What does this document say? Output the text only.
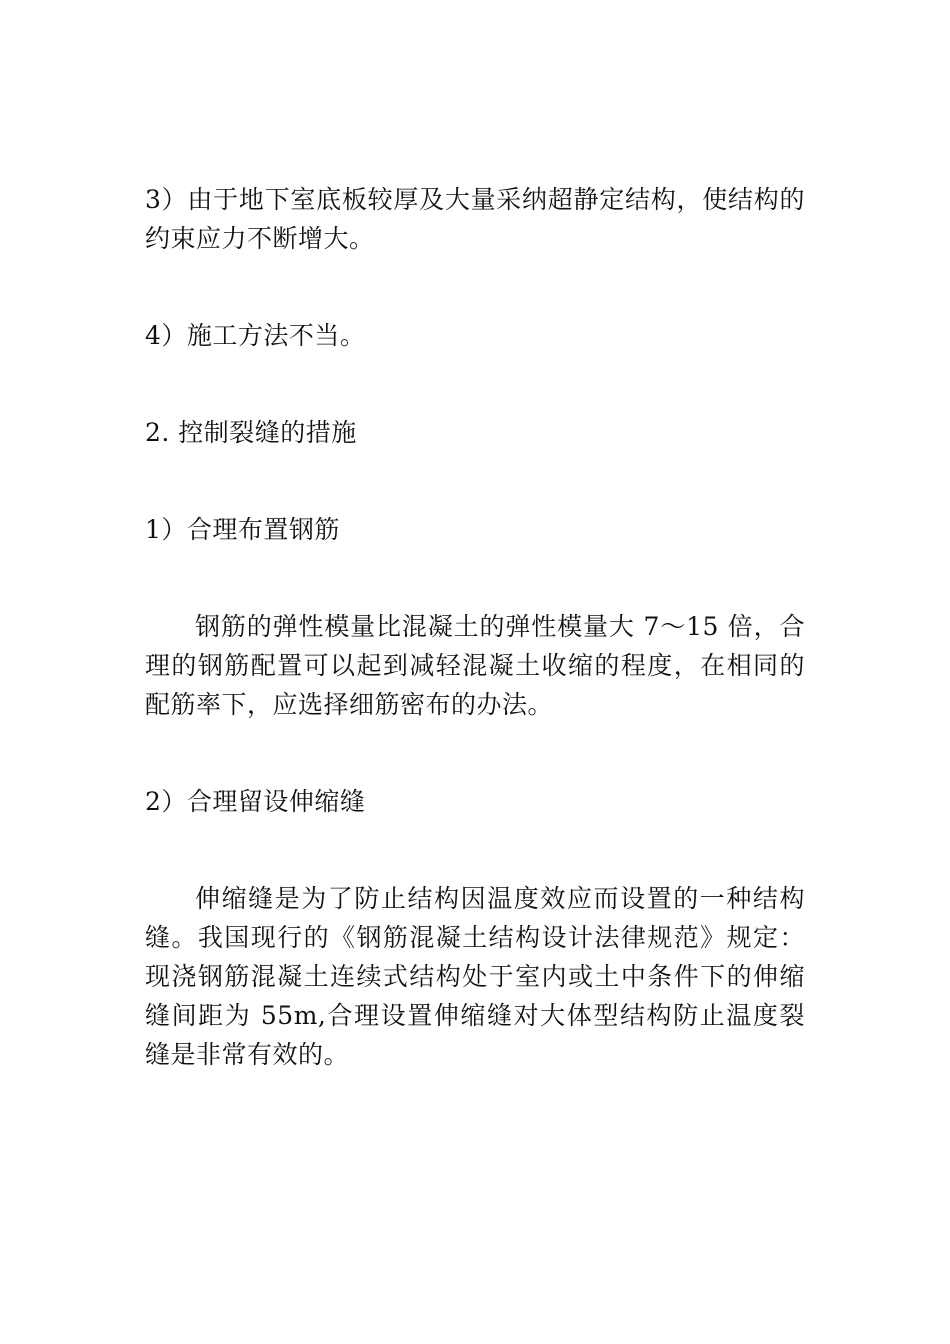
3）由于地下室底板较厚及大量采纳超静定结构，使结构的约束应力不断增大。

4）施工方法不当。

2. 控制裂缝的措施

1）合理布置钢筋

钢筋的弹性模量比混凝土的弹性模量大 7～15 倍，合理的钢筋配置可以起到减轻混凝土收缩的程度，在相同的配筋率下，应选择细筋密布的办法。

2）合理留设伸缩缝

伸缩缝是为了防止结构因温度效应而设置的一种结构缝。我国现行的《钢筋混凝土结构设计法律规范》规定：现浇钢筋混凝土连续式结构处于室内或土中条件下的伸缩缝间距为 55m,合理设置伸缩缝对大体型结构防止温度裂缝是非常有效的。
